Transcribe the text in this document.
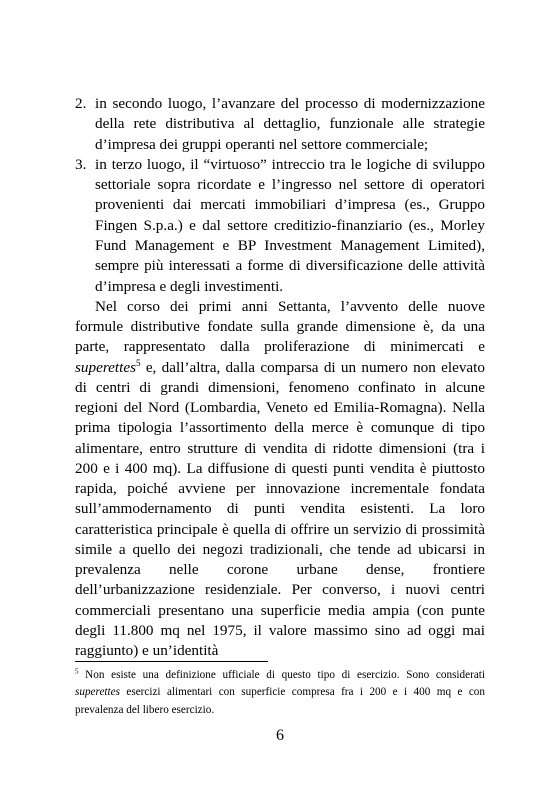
2. in secondo luogo, l’avanzare del processo di modernizzazione della rete distributiva al dettaglio, funzionale alle strategie d’impresa dei gruppi operanti nel settore commerciale;

3. in terzo luogo, il “virtuoso” intreccio tra le logiche di sviluppo settoriale sopra ricordate e l’ingresso nel settore di operatori provenienti dai mercati immobiliari d’impresa (es., Gruppo Fingen S.p.a.) e dal settore creditizio-finanziario (es., Morley Fund Management e BP Investment Management Limited), sempre più interessati a forme di diversificazione delle attività d’impresa e degli investimenti.

Nel corso dei primi anni Settanta, l’avvento delle nuove formule distributive fondate sulla grande dimensione è, da una parte, rappresentato dalla proliferazione di minimercati e superettes$^5$ e, dall’altra, dalla comparsa di un numero non elevato di centri di grandi dimensioni, fenomeno confinato in alcune regioni del Nord (Lombardia, Veneto ed Emilia-Romagna). Nella prima tipologia l’assortimento della merce è comunque di tipo alimentare, entro strutture di vendita di ridotte dimensioni (tra i 200 e i 400 mq). La diffusione di questi punti vendita è piuttosto rapida, poiché avviene per innovazione incrementale fondata sull’ammodernamento di punti vendita esistenti. La loro caratteristica principale è quella di offrire un servizio di prossimità simile a quello dei negozi tradizionali, che tende ad ubicarsi in prevalenza nelle corone urbane dense, frontiere dell’urbanizzazione residenziale. Per converso, i nuovi centri commerciali presentano una superficie media ampia (con punte degli 11.800 mq nel 1975, il valore massimo sino ad oggi mai raggiunto) e un’identità

$^5$ Non esiste una definizione ufficiale di questo tipo di esercizio. Sono considerati superettes esercizi alimentari con superficie compresa fra i 200 e i 400 mq e con prevalenza del libero esercizio.

6
